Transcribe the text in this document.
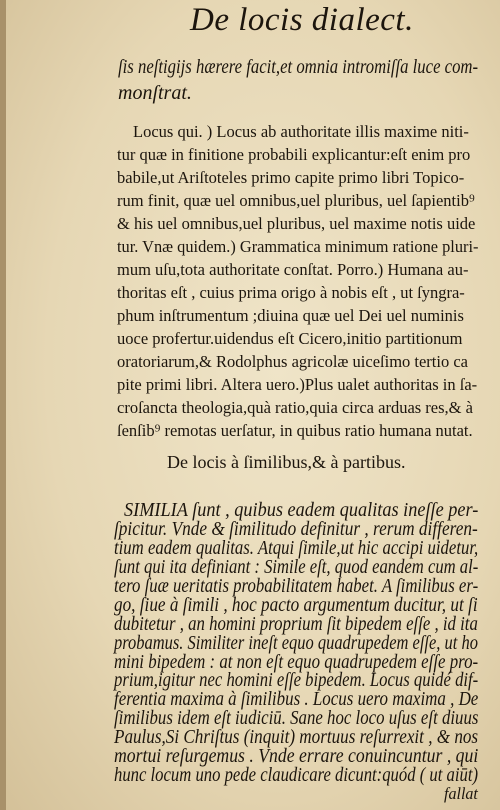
De locis dialect.
ſis neſtigijs hærere facit,et omnia intromiſſa luce com-
monſtrat.
Locus qui. ) Locus ab authoritate illis maxime niti-
tur quæ in finitione probabili explicantur:eſt enim pro
babile,ut Ariſtoteles primo capite primo libri Topico-
rum finit, quæ uel omnibus,uel pluribus, uel ſapientib⁹
& his uel omnibus,uel pluribus, uel maxime notis uide
tur. Vnæ quidem.) Grammatica minimum ratione pluri-
mum uſu,tota authoritate conſtat. Porro.) Humana au-
thoritas eſt , cuius prima origo à nobis eſt , ut ſyngra-
phum inſtrumentum ;diuina quæ uel Dei uel numinis
uoce profertur.uidendus eſt Cicero,initio partitionum
oratoriarum,& Rodolphus agricolæ uiceſimo tertio ca
pite primi libri. Altera uero.)Plus ualet authoritas in ſa-
croſancta theologia,quà ratio,quia circa arduas res,& à
ſenſib⁹ remotas uerſatur, in quibus ratio humana nutat.
De locis à ſimilibus,& à partibus.
SIMILIA ſunt , quibus eadem qualitas ineſſe per-
ſpicitur. Vnde & ſimilitudo definitur , rerum differen-
tium eadem qualitas. Atqui ſimile,ut hic accipi uidetur,
ſunt qui ita definiant : Simile eſt, quod eandem cum al-
tero ſuæ ueritatis probabilitatem habet. A ſimilibus er-
go, ſiue à ſimili , hoc pacto argumentum ducitur, ut ſi
dubitetur , an homini proprium ſit bipedem eſſe , id ita
probamus. Similiter ineſt equo quadrupedem eſſe, ut ho
mini bipedem : at non eſt equo quadrupedem eſſe pro-
prium,igitur nec homini eſſe bipedem. Locus quidé dif-
ferentia maxima à ſimilibus . Locus uero maxima , De
ſimilibus idem eſt iudiciū. Sane hoc loco uſus eſt diuus
Paulus,Si Chriſtus (inquit) mortuus reſurrexit , & nos
mortui reſurgemus . Vnde errare conuincuntur , qui
hunc locum uno pede claudicare dicunt:quód ( ut aiūt)
fallat
